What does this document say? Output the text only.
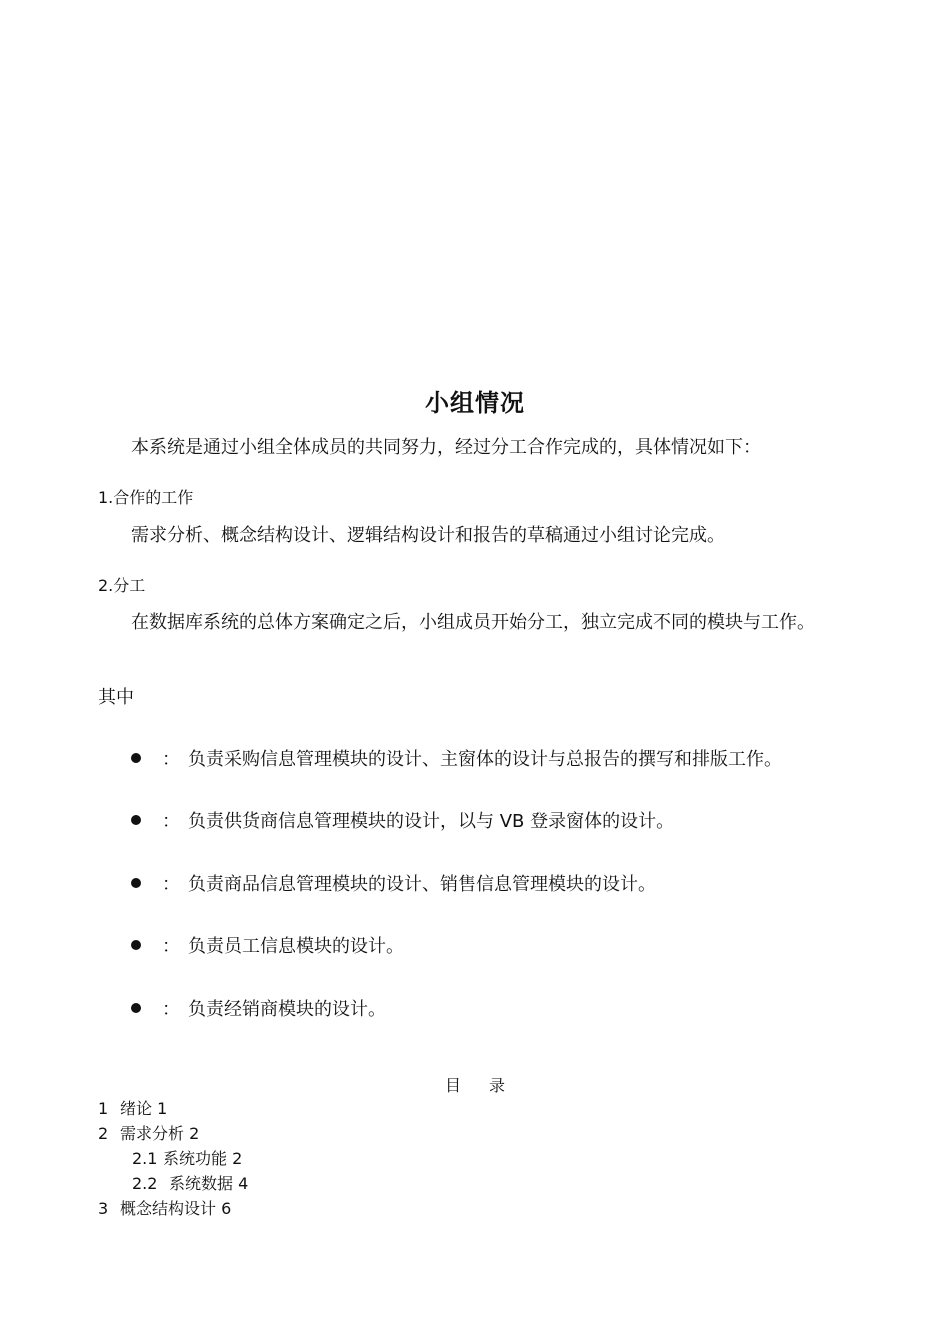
小组情况
本系统是通过小组全体成员的共同努力，经过分工合作完成的，具体情况如下：
1.合作的工作
需求分析、概念结构设计、逻辑结构设计和报告的草稿通过小组讨论完成。
2.分工
在数据库系统的总体方案确定之后，小组成员开始分工，独立完成不同的模块与工作。
其中
： 负责采购信息管理模块的设计、主窗体的设计与总报告的撰写和排版工作。
： 负责供货商信息管理模块的设计，以与 VB 登录窗体的设计。
： 负责商品信息管理模块的设计、销售信息管理模块的设计。
： 负责员工信息模块的设计。
： 负责经销商模块的设计。
目 录
1 绪论 1
2 需求分析 2
2.1 系统功能 2
2.2 系统数据 4
3 概念结构设计 6
